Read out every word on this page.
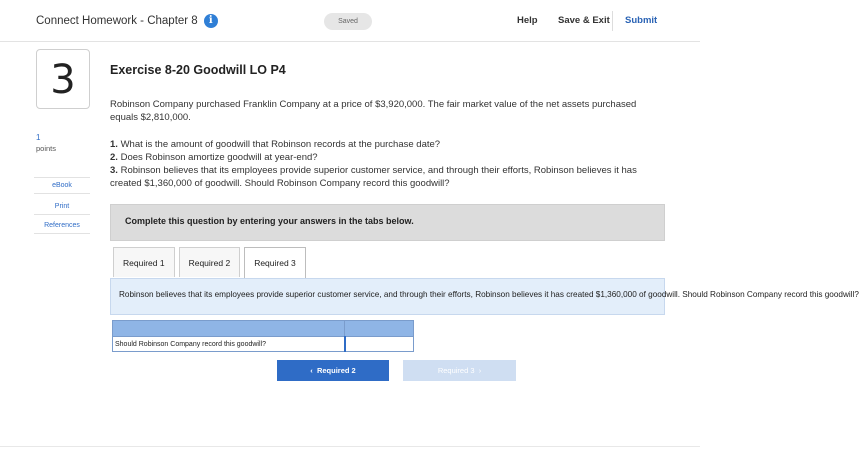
Connect Homework - Chapter 8	i	Saved	Help Save & Exit Submit
3
1
points
eBook
Print
References
Exercise 8-20 Goodwill LO P4
Robinson Company purchased Franklin Company at a price of $3,920,000. The fair market value of the net assets purchased equals $2,810,000.
1. What is the amount of goodwill that Robinson records at the purchase date?
2. Does Robinson amortize goodwill at year-end?
3. Robinson believes that its employees provide superior customer service, and through their efforts, Robinson believes it has created $1,360,000 of goodwill. Should Robinson Company record this goodwill?
Complete this question by entering your answers in the tabs below.
Required 1	Required 2	Required 3

Robinson believes that its employees provide superior customer service, and through their efforts, Robinson believes it has created $1,360,000 of goodwill. Should Robinson Company record this goodwill?

Should Robinson Company record this goodwill?	
‹ Required 2	Required 3 ›
